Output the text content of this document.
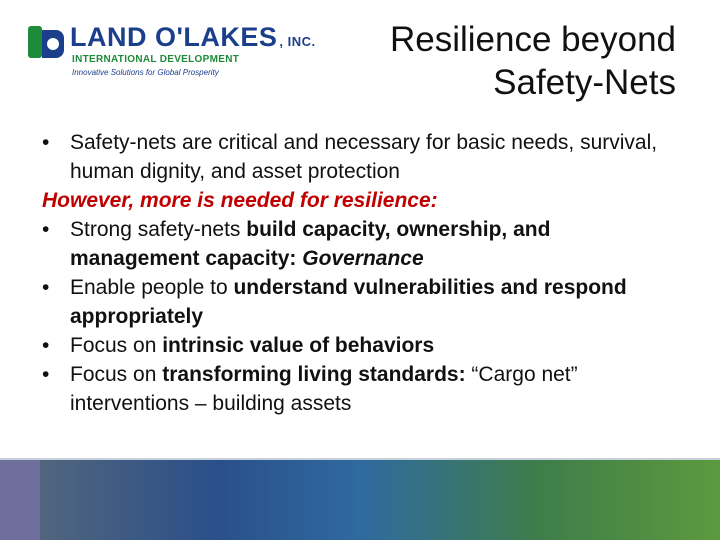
LAND O'LAKES , INC.
INTERNATIONAL DEVELOPMENT
Innovative Solutions for Global Prosperity
Resilience beyond
Safety-Nets
• Safety-nets are critical and necessary for basic needs, survival, human dignity, and asset protection
However, more is needed for resilience:
• Strong safety-nets build capacity, ownership, and management capacity: Governance
• Enable people to understand vulnerabilities and respond appropriately
• Focus on intrinsic value of behaviors
• Focus on transforming living standards: “Cargo net” interventions – building assets
